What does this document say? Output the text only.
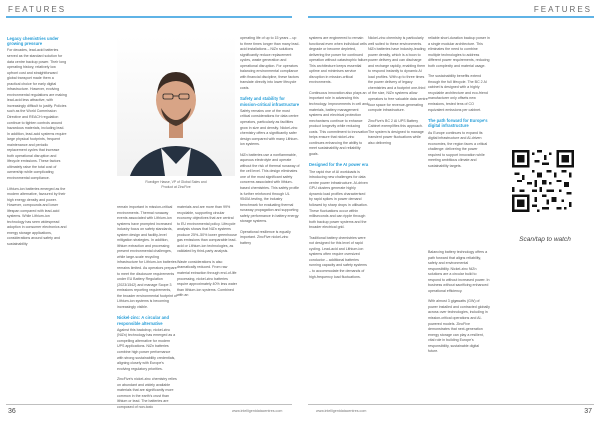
FEATURES	FEATURES
Legacy chemistries under growing pressure

For decades, lead-acid batteries served as the standard solution for data centre backup power. Their long operating history, relatively low upfront cost and straightforward global transport made them a practical choice for early digital infrastructure. However, evolving environmental regulations are making lead-acid less attractive, with increasingly difficult to justify. Policies such as the World Commission Directive and REACH regulation continue to tighten controls around hazardous materials, including lead. In addition, lead-acid systems require large physical footprints, frequent maintenance and periodic replacement cycles that increase both operational disruption and lifecycle emissions. These factors ultimately raise the total cost of ownership while complicating environmental compliance.

Lithium-ion batteries emerged as the modern alternative, favoured by their high energy density and power. However, compounds and lower lifespan compared with lead-acid systems. While Lithium-ion technology has seen widespread adoption in consumer electronics and energy storage applications, considerations around safety and sustainability

Ruediger Hasse, VP of Global Sales and
Product at ZincFive

remain important in mission-critical environments. Thermal runaway events associated with Lithium-ion systems have prompted increased industry focus on safety standards, system design and facility-level mitigation strategies. In addition, lithium extraction and processing present environmental challenges, while large-scale recycling infrastructure for Lithium-ion batteries remains limited. As operators prepare to meet the disclosure requirements under EU Battery Regulation (2023/1542) and manage Scope 3 emissions reporting requirements, the broader environmental footprint of Lithium-ion systems is becoming increasingly visible.

Nickel-zinc: A circular and responsible alternative

Against this backdrop, nickel-zinc (NiZn) technology has emerged as a compelling alternative for modern UPS applications. NiZn batteries combine high power performance with strong sustainability credentials, aligning closely with Europe's evolving regulatory priorities.

ZincFive's nickel-zinc chemistry relies on abundant and widely available materials that are significantly more common in the earth's crust than lithium or lead. The batteries are composed of non-toxic

materials and are more than 99% recyclable, supporting circular economy objectives that are central to EU environmental policy. Lifecycle analysis shows that NiZn systems produce 25%–50% lower greenhouse gas emissions than comparable lead-acid or Lithium-ion technologies, as validated by third-party analysis.

Waste considerations is also dramatically reduced. From raw material extraction through end-of-life processing, nickel-zinc batteries require approximately 40% less water than lithium-ion systems. Combined with an

operating life of up to 15 years – up to three times longer than many lead-acid installations – NiZn solutions significantly reduce replacement cycles, waste generation and operational disruption. For operators balancing environmental compliance with financial discipline, these factors translate directly into lower lifecycle costs.

Safety and stability for mission-critical infrastructure

Safety remains one of the most critical considerations for data centre operators, particularly as facilities grow in size and density. Nickel-zinc chemistry offers a significantly safer design compared with many Lithium-ion systems.

NiZn batteries use a nonflammable, aqueous electrolyte and operate without the risk of thermal runaway of the cell level. This design eliminates one of the most significant safety concerns associated with lithium-based chemistries. This safety profile is further reinforced through UL 9540A testing, the industry benchmark for evaluating thermal runaway propagation and supporting safety performance in battery energy storage systems.

Operational resilience is equally important. ZincFive nickel-zinc battery

systems are engineered to remain functional even when individual cells degrade or become depleted, delivering the power for continued operation without catastrophic failure. This architecture keeps essential uptime and minimises service disruption in mission-critical environments.

Continuous innovation also plays an important role in advancing this technology. Improvements in cell and materials, battery management systems and electrical protection mechanisms continue to enhance product longevity while reducing costs. This commitment to innovation helps ensure that nickel-zinc continues enhancing the ability to meet sustainability and reliability goals.

Designed for the AI power era

The rapid rise of AI workloads is introducing new challenges for data centre power infrastructure. AI-driven GPU clusters generate highly dynamic load profiles characterised by rapid spikes in power demand followed by sharp drops in utilisation. These fluctuations occur within milliseconds and can ripple through both backup power systems and the broader electrical grid.

Traditional battery chemistries were not designed for this level of rapid cycling. Lead-acid and Lithium-ion systems often require oversized conductor – additional batteries running capacity and safety systems – to accommodate the demands of high-frequency load fluctuations.

Nickel-zinc chemistry is particularly well suited to these environments. NiZn batteries have industry-leading power density, which is a boon to power delivery and can discharge and recharge rapidly, enabling them to respond instantly to dynamic AI load profiles. With up to three times the power delivery of legacy chemistries and a footprint one-third of the size, NiZn systems allow operators to free valuable data centre floor space for revenue-generating compute infrastructure.

ZincFive's BC 2 AI UPS Battery Cabinet exemplifies this approach. The system is designed to manage transient power fluctuations while also delivering

reliable short-duration backup power in a single modular architecture. This eliminates the need to combine multiple technologies to address different power requirements, reducing both complexity and material usage.

The sustainability benefits extend through the full lifecycle. The BC 2 AI cabinet is designed with a highly recyclable architecture and eco-friend manufacturer only offsets new emissions, tested tens of CO equivalent emissions per cabinet.

The path forward for Europe's digital infrastructure

As Europe continues to expand its digital infrastructure and AI-driven economies, the region faces a critical challenge: delivering the power required to support innovation while meeting ambitious climate and sustainability targets.

Balancing battery technology offers a path forward that aligns reliability, safety and environmental responsibility. Nickel-zinc NiZn solutions are a circular build to respond to without increased power. In business without sacrificing enhanced operational efficiency.

With almost 3 gigawatts (GW) of power installed and contracted globally across over technologies, including in mission-critical operations and AI-powered models. ZincFive demonstrates that next-generation energy storage can play a resilient, vital role in building Europe's responsibility, sustainable digital future.

Scan/tap to watch
36	37
www.intelligentdatacentres.com	www.intelligentdatacentres.com
